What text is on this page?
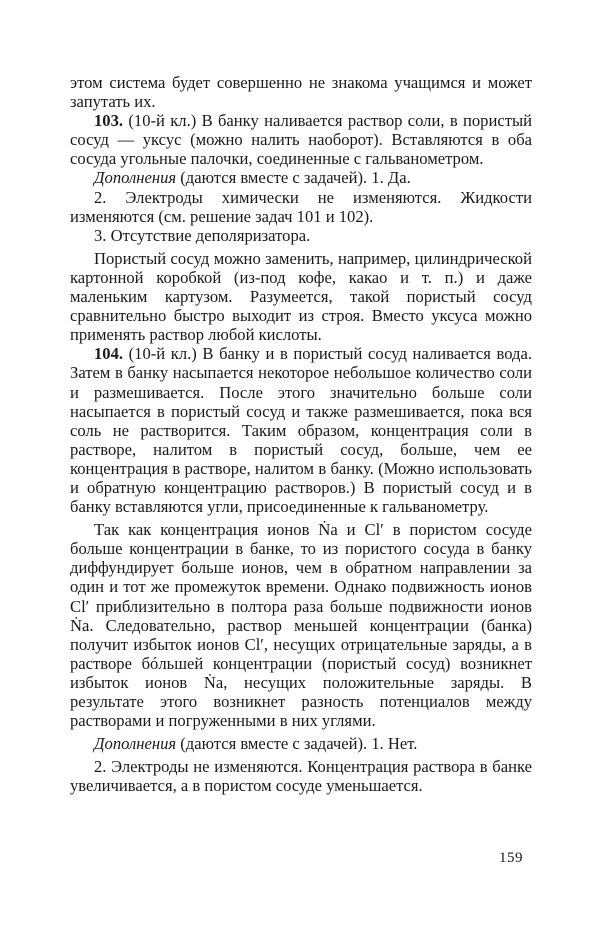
этом система будет совершенно не знакома учащимся и может запутать их.

103. (10-й кл.) В банку наливается раствор соли, в пористый сосуд — уксус (можно налить наоборот). Вставляются в оба сосуда угольные палочки, соединенные с гальванометром.

Дополнения (даются вместе с задачей). 1. Да.

2. Электроды химически не изменяются. Жидкости изменяются (см. решение задач 101 и 102).

3. Отсутствие деполяризатора.

Пористый сосуд можно заменить, например, цилиндрической картонной коробкой (из-под кофе, какао и т. п.) и даже маленьким картузом. Разумеется, такой пористый сосуд сравнительно быстро выходит из строя. Вместо уксуса можно применять раствор любой кислоты.

104. (10-й кл.) В банку и в пористый сосуд наливается вода. Затем в банку насыпается некоторое небольшое количество соли и размешивается. После этого значительно больше соли насыпается в пористый сосуд и также размешивается, пока вся соль не растворится. Таким образом, концентрация соли в растворе, налитом в пористый сосуд, больше, чем ее концентрация в растворе, налитом в банку. (Можно использовать и обратную концентрацию растворов.) В пористый сосуд и в банку вставляются угли, присоединенные к гальванометру.

Так как концентрация ионов Ṅa и Cl′ в пористом сосуде больше концентрации в банке, то из пористого сосуда в банку диффундирует больше ионов, чем в обратном направлении за один и тот же промежуток времени. Однако подвижность ионов Cl′ приблизительно в полтора раза больше подвижности ионов Ṅa. Следовательно, раствор меньшей концентрации (банка) получит избыток ионов Cl′, несущих отрицательные заряды, а в растворе бóльшей концентрации (пористый сосуд) возникнет избыток ионов Ṅa, несущих положительные заряды. В результате этого возникнет разность потенциалов между растворами и погруженными в них углями.

Дополнения (даются вместе с задачей). 1. Нет.

2. Электроды не изменяются. Концентрация раствора в банке увеличивается, а в пористом сосуде уменьшается.

159
